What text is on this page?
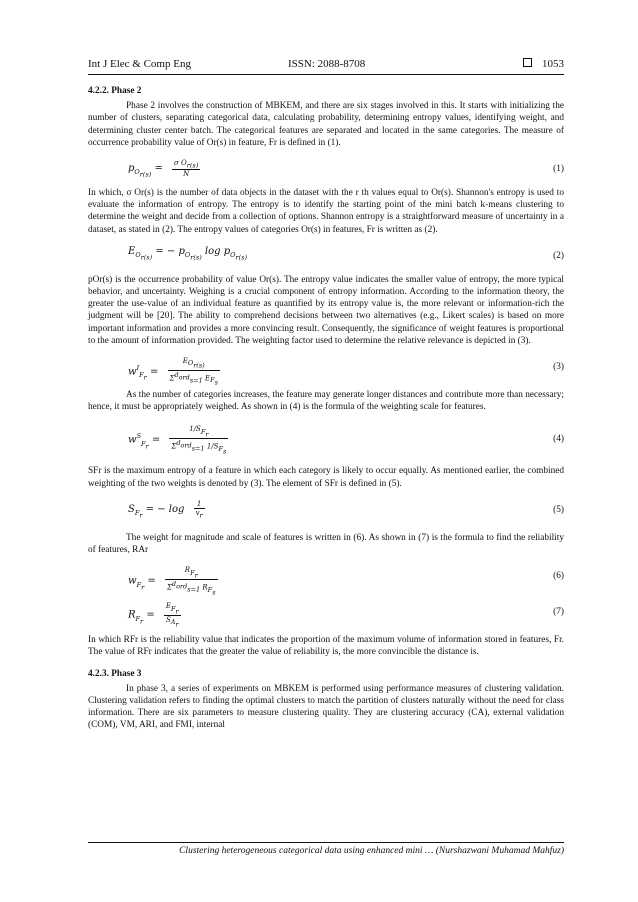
Int J Elec & Comp Eng	ISSN: 2088-8708	1053
4.2.2. Phase 2

Phase 2 involves the construction of MBKEM, and there are six stages involved in this. It starts with initializing the number of clusters, separating categorical data, calculating probability, determining entropy values, identifying weight, and determining cluster center batch. The categorical features are separated and located in the same categories. The measure of occurrence probability value of Or(s) in feature, Fr is defined in (1).

$p_{O_{r(s)}} = \frac{\sigma O_{r(s)}}{N}$	(1)

In which, σ Or(s) is the number of data objects in the dataset with the r th values equal to Or(s). Shannon's entropy is used to evaluate the information of entropy. The entropy is to identify the starting point of the mini batch k-means clustering to determine the weight and decide from a collection of options. Shannon entropy is a straightforward measure of uncertainty in a dataset, as stated in (2). The entropy values of categories Or(s) in features, Fr is written as (2).

$E_{O_{r(s)}}$ = − $p_{O_{r(s)}}$ $\log p_{O_{r(s)}}$	(2)

pOr(s) is the occurrence probability of value Or(s). The entropy value indicates the smaller value of entropy, the more typical behavior, and uncertainty. Weighing is a crucial component of entropy information. According to the information theory, the greater the use-value of an individual feature as quantified by its entropy value is, the more relevant or information-rich the judgment will be [20]. The ability to comprehend decisions between two alternatives (e.g., Likert scales) is based on more important information and provides a more convincing result. Consequently, the significance of weight features is proportional to the amount of information provided. The weighting factor used to determine the relative relevance is depicted in (3).

$w^I_{F_r} = \frac{E_{O_{r(s)}}}{\Sigma^{d_{ord}}_{s=1} E_{F_s}}$	(3)

As the number of categories increases, the feature may generate longer distances and contribute more than necessary; hence, it must be appropriately weighed. As shown in (4) is the formula of the weighting scale for features.

$w^S_{F_r} = \frac{1/S_{F_r}}{\Sigma^{d_{ord}}_{s=1} 1/S_{F_s}}$	(4)

SFr is the maximum entropy of a feature in which each category is likely to occur equally. As mentioned earlier, the combined weighting of the two weights is denoted by (3). The element of SFr is defined in (5).

$S_{F_r}$ = − $\log \frac{1}{v_r}$	(5)

The weight for magnitude and scale of features is written in (6). As shown in (7) is the formula to find the reliability of features, RAr

$w_{F_r} = \frac{R_{F_r}}{\Sigma^{d_{ord}}_{s=1} R_{F_s}}$	(6)
$R_{F_r} = \frac{E_{F_r}}{S_{A_r}}$	(7)

In which RFr is the reliability value that indicates the proportion of the maximum volume of information stored in features, Fr. The value of RFr indicates that the greater the value of reliability is, the more convincible the distance is.

4.2.3. Phase 3

In phase 3, a series of experiments on MBKEM is performed using performance measures of clustering validation. Clustering validation refers to finding the optimal clusters to match the partition of clusters naturally without the need for class information. There are six parameters to measure clustering quality. They are clustering accuracy (CA), external validation (COM), VM, ARI, and FMI, internal

Clustering heterogeneous categorical data using enhanced mini … (Nurshazwani Muhamad Mahfuz)
